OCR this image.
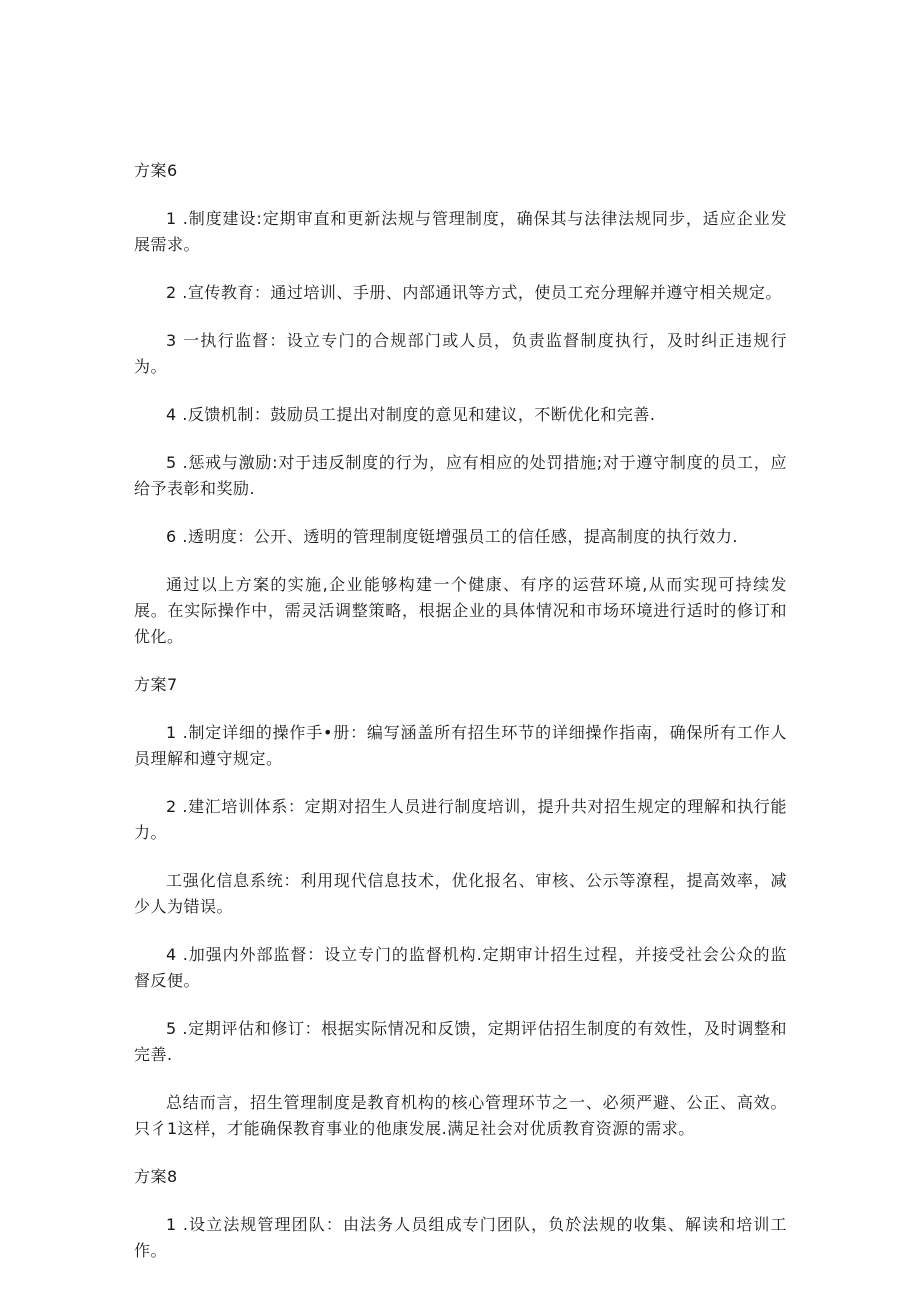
方案6

1 .制度建设:定期审直和更新法规与管理制度，确保其与法律法规同步，适应企业发展需求。

2 .宣传教育：通过培训、手册、内部通讯等方式，使员工充分理解并遵守相关规定。

3 一执行监督：设立专门的合规部门或人员，负责监督制度执行，及时纠正违规行为。

4 .反馈机制：鼓励员工提出对制度的意见和建议，不断优化和完善.

5 .惩戒与激励:对于违反制度的行为，应有相应的处罚措施;对于遵守制度的员工，应给予表彰和奖励.

6 .透明度：公开、透明的管理制度铤增强员工的信任感，提高制度的执行效力.

通过以上方案的实施,企业能够构建一个健康、有序的运营环境,从而实现可持续发展。在实际操作中，需灵活调整策略，根据企业的具体情况和市场环境进行适时的修订和优化。

方案7

1 .制定详细的操作手•册：编写涵盖所有招生环节的详细操作指南，确保所有工作人员理解和遵守规定。

2 .建汇培训体系：定期对招生人员进行制度培训，提升共对招生规定的理解和执行能力。

工强化信息系统：利用现代信息技术，优化报名、审核、公示等潦程，提高效率，减少人为错误。

4 .加强内外部监督：设立专门的监督机构.定期审计招生过程，并接受社会公众的监督反便。

5 .定期评估和修订：根据实际情况和反馈，定期评估招生制度的有效性，及时调整和完善.

总结而言，招生管理制度是教育机构的核心管理环节之一、必须严避、公正、高效。只彳1这样，才能确保教育事业的他康发展.满足社会对优质教育资源的需求。

方案8

1 .设立法规管理团队：由法务人员组成专门团队，负於法规的收集、解读和培训工作。
